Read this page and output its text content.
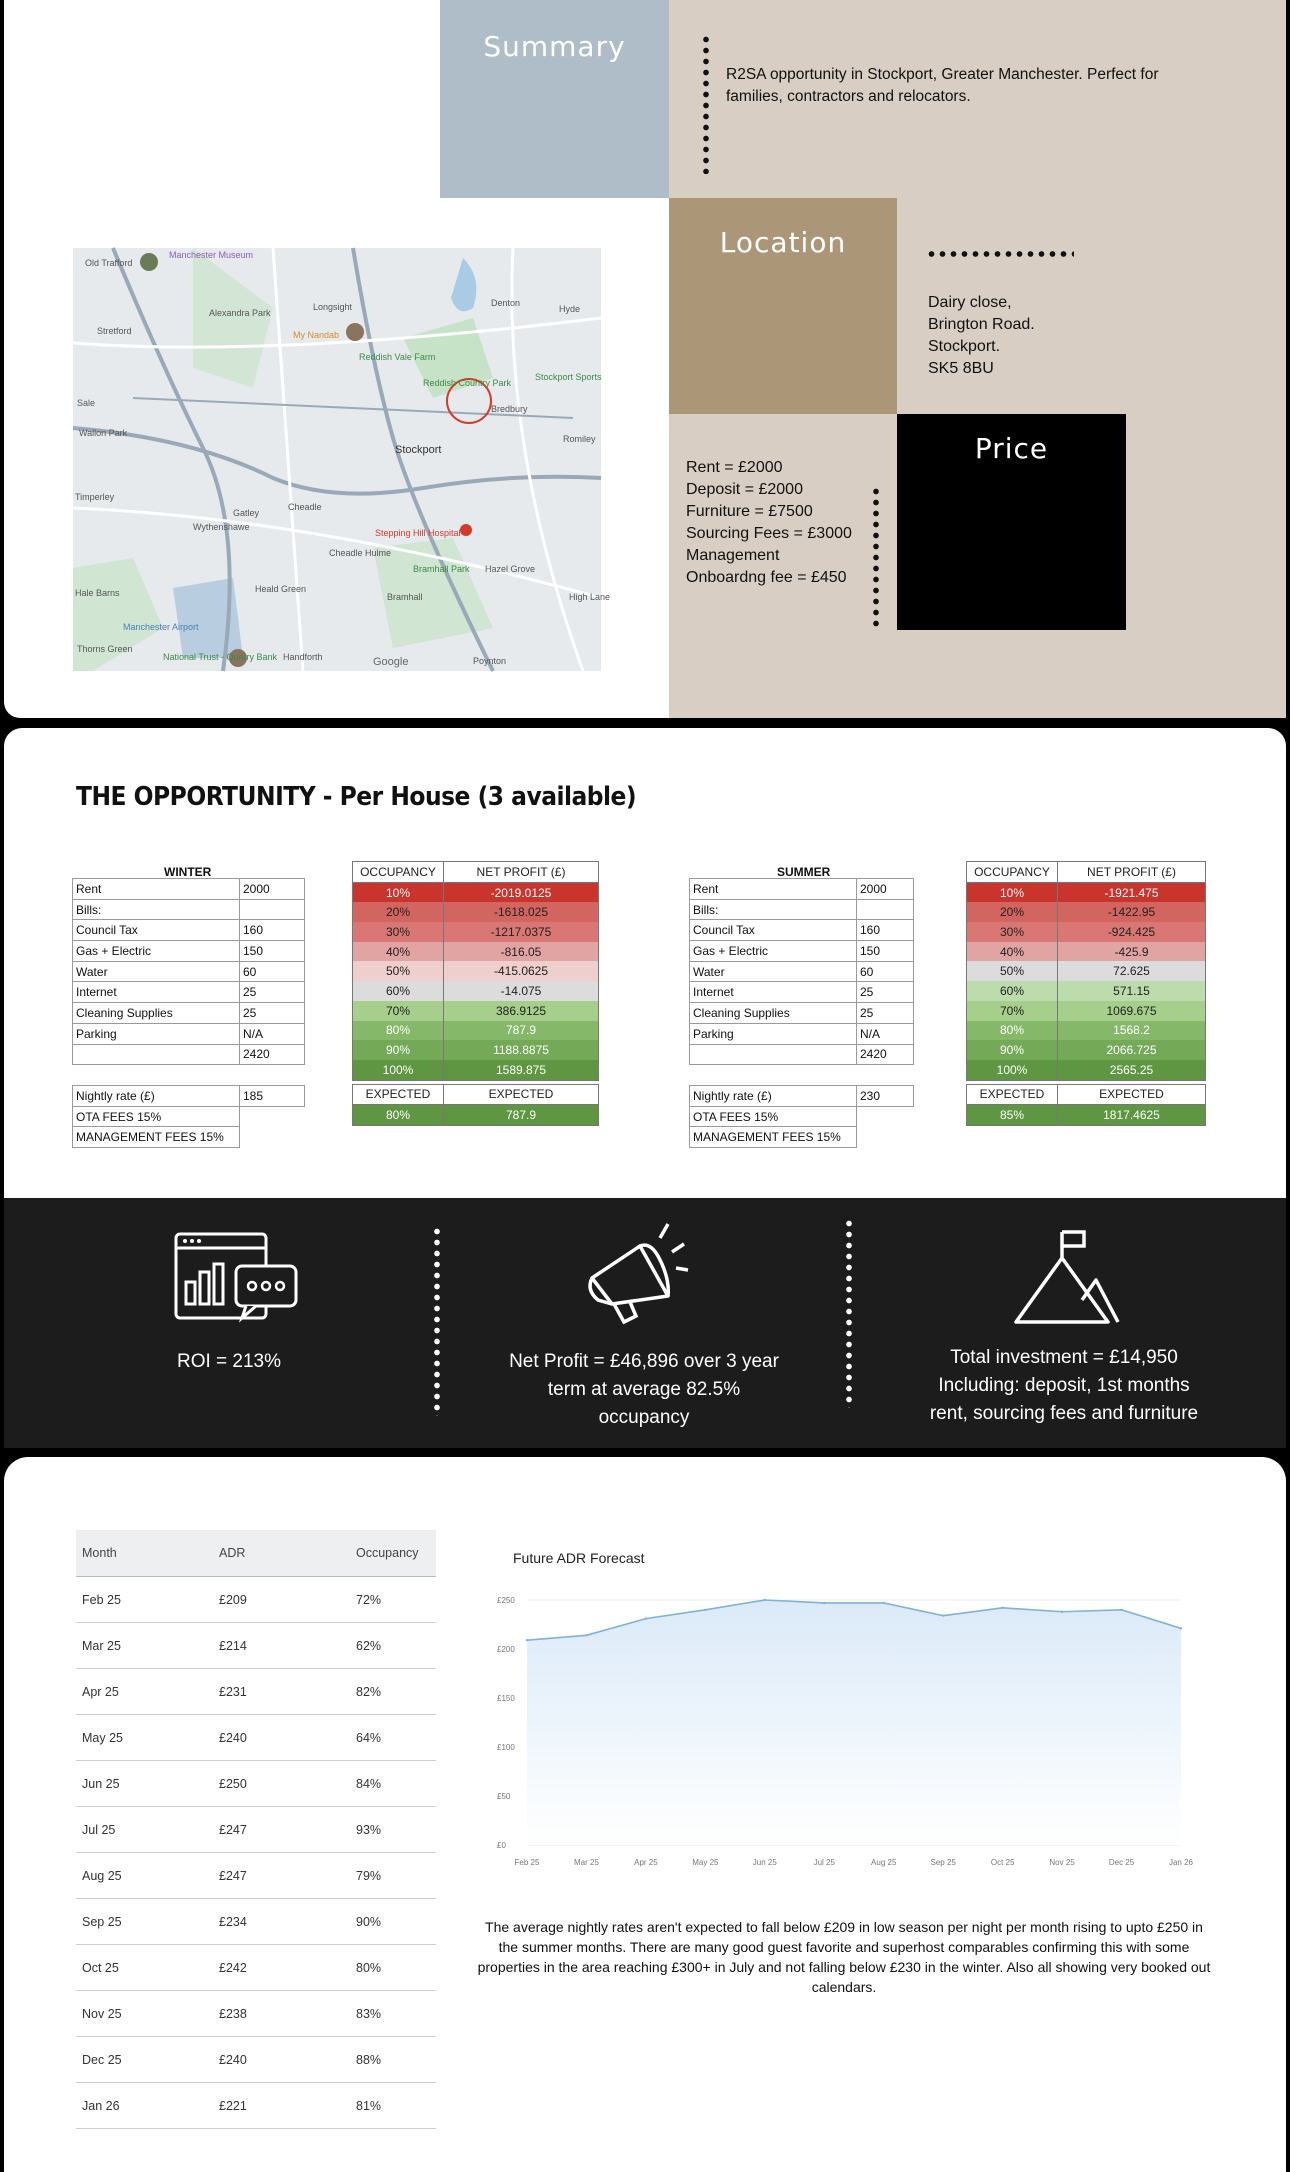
Summary
R2SA opportunity in Stockport, Greater Manchester. Perfect for families, contractors and relocators.
Location
Dairy close,
Brington Road.
Stockport.
SK5 8BU
Price
Rent = £2000
Deposit = £2000
Furniture = £7500
Sourcing Fees = £3000
Management
Onboardng fee = £450
Manchester Museum
Old Trafford
Stretford
Sale
Wallon Park
Timperley
Wythenshawe
Gatley
Cheadle
Heald Green
Hale Barns
Manchester Airport
Thorns Green
National Trust - Quarry Bank Handforth
Stockport
Denton
Hyde
Bredbury
Romiley
Reddish Vale Farm
Reddish Country Park
Stepping Hill Hospital
Bramhall Park Hazel Grove
Bramhall	High Lane
Poynton
Cheadle Hulme
My Nandab
Longsight
Alexandra Park
Stockport Sports
Google
THE OPPORTUNITY - Per House (3 available)
WINTER
Rent	2000
Bills:	
Council Tax	160
Gas + Electric	150
Water	60
Internet	25
Cleaning Supplies	25
Parking	N/A
	2420
Nightly rate (£)	185
OTA FEES 15%	
MANAGEMENT FEES 15%	
OCCUPANCY	NET PROFIT (£)
10%	-2019.0125
20%	-1618.025
30%	-1217.0375
40%	-816.05
50%	-415.0625
60%	-14.075
70%	386.9125
80%	787.9
90%	1188.8875
100%	1589.875

EXPECTED	EXPECTED
80%	787.9
SUMMER
Rent	2000
Bills:	
Council Tax	160
Gas + Electric	150
Water	60
Internet	25
Cleaning Supplies	25
Parking	N/A
	2420
Nightly rate (£)	230
OTA FEES 15%	
MANAGEMENT FEES 15%	
OCCUPANCY	NET PROFIT (£)
10%	-1921.475
20%	-1422.95
30%	-924.425
40%	-425.9
50%	72.625
60%	571.15
70%	1069.675
80%	1568.2
90%	2066.725
100%	2565.25

EXPECTED	EXPECTED
85%	1817.4625
ROI = 213%	Net Profit = £46,896 over 3 year
term at average 82.5%
occupancy
Total investment = £14,950
Including: deposit, 1st months
rent, sourcing fees and furniture
Month	ADR	Occupancy
Feb 25	£209	72%
Mar 25	£214	62%
Apr 25	£231	82%
May 25	£240	64%
Jun 25	£250	84%
Jul 25	£247	93%
Aug 25	£247	79%
Sep 25	£234	90%
Oct 25	£242	80%
Nov 25	£238	83%
Dec 25	£240	88%
Jan 26	£221	81%
Future ADR Forecast
£0
£50
£100
£150
£200
£250
Feb 25	Mar 25	Apr 25	May 25	Jun 25	Jul 25	Aug 25	Sep 25	Oct 25	Nov 25	Dec 25	Jan 26
The average nightly rates aren't expected to fall below £209 in low season per night per month rising to upto £250 in the summer months. There are many good guest favorite and superhost comparables confirming this with some properties in the area reaching £300+ in July and not falling below £230 in the winter. Also all showing very booked out calendars.
